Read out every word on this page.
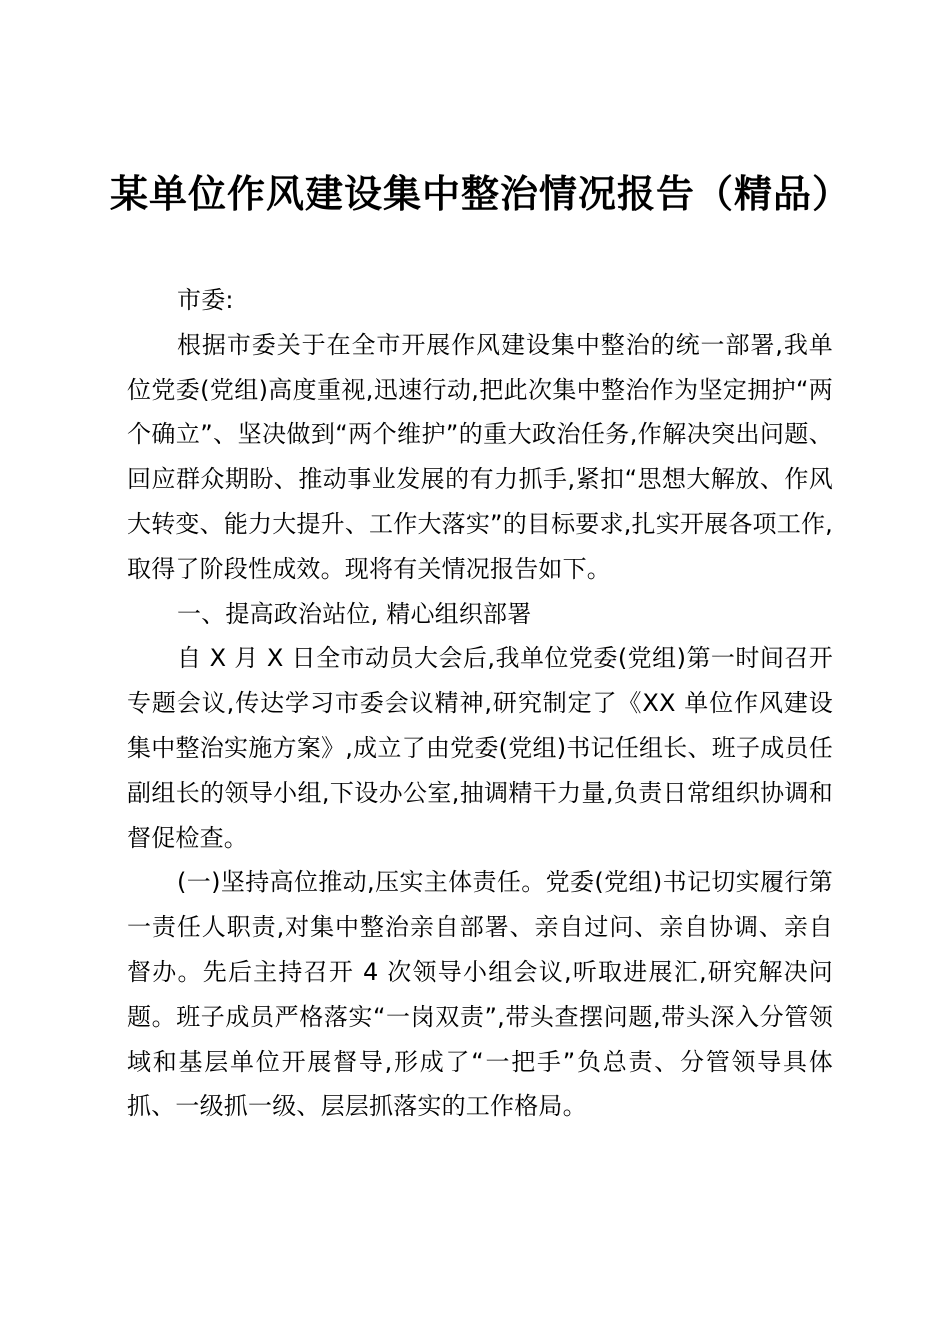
某单位作风建设集中整治情况报告（精品）

市委:

根据市委关于在全市开展作风建设集中整治的统一部署,我单位党委(党组)高度重视,迅速行动,把此次集中整治作为坚定拥护“两个确立”、坚决做到“两个维护”的重大政治任务,作解决突出问题、回应群众期盼、推动事业发展的有力抓手,紧扣“思想大解放、作风大转变、能力大提升、工作大落实”的目标要求,扎实开展各项工作,取得了阶段性成效。现将有关情况报告如下。

一、提高政治站位, 精心组织部署

自 X 月 X 日全市动员大会后,我单位党委(党组)第一时间召开专题会议,传达学习市委会议精神,研究制定了《XX 单位作风建设集中整治实施方案》,成立了由党委(党组)书记任组长、班子成员任副组长的领导小组,下设办公室,抽调精干力量,负责日常组织协调和督促检查。

(一)坚持高位推动,压实主体责任。党委(党组)书记切实履行第一责任人职责,对集中整治亲自部署、亲自过问、亲自协调、亲自督办。先后主持召开 4 次领导小组会议,听取进展汇,研究解决问题。班子成员严格落实“一岗双责”,带头查摆问题,带头深入分管领域和基层单位开展督导,形成了“一把手”负总责、分管领导具体抓、一级抓一级、层层抓落实的工作格局。
